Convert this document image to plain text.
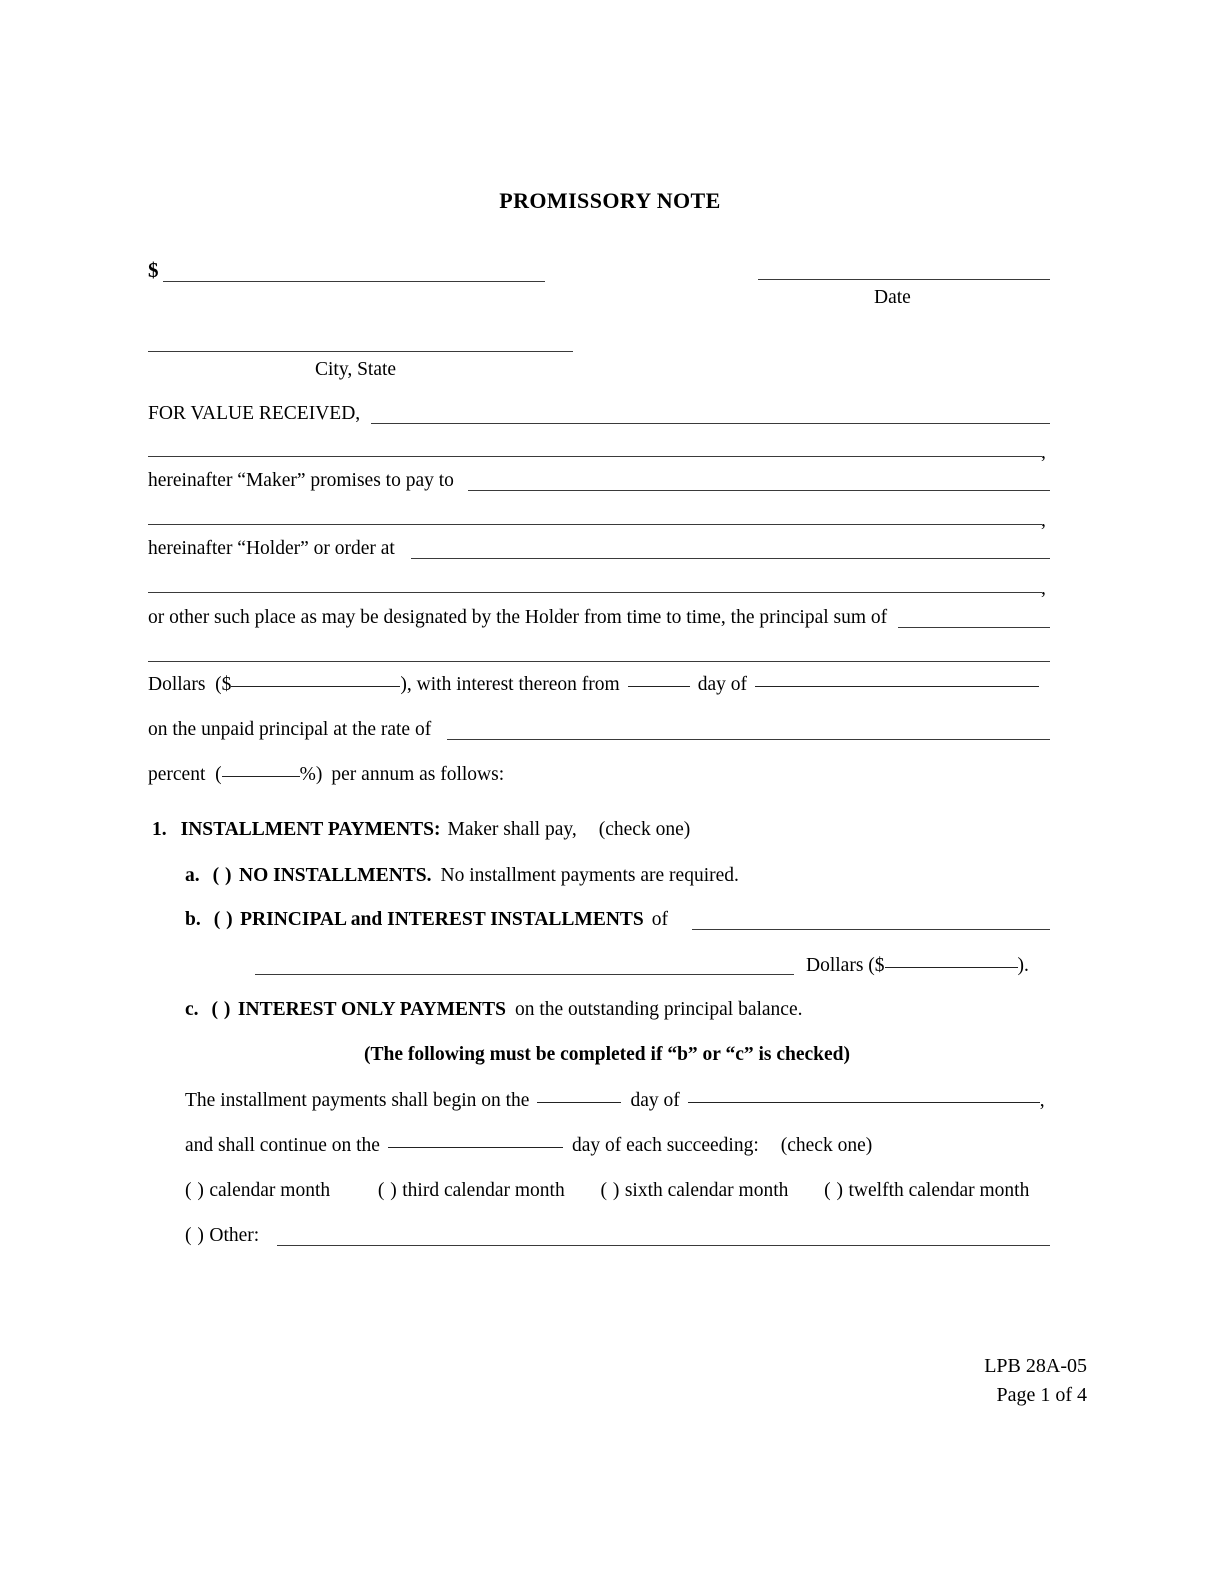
PROMISSORY NOTE
$
Date
City, State
FOR VALUE RECEIVED,
,
hereinafter “Maker” promises to pay to
,
hereinafter “Holder” or order at
,
or other such place as may be designated by the Holder from time to time, the principal sum of
Dollars ($	), with interest thereon from	day of
on the unpaid principal at the rate of
percent (	%) per annum as follows:
1. INSTALLMENT PAYMENTS: Maker shall pay, (check one)
a. ( ) NO INSTALLMENTS. No installment payments are required.
b. ( ) PRINCIPAL and INTEREST INSTALLMENTS of
Dollars ($	).
c. ( ) INTEREST ONLY PAYMENTS on the outstanding principal balance.
(The following must be completed if “b” or “c” is checked)
The installment payments shall begin on the	day of	,
and shall continue on the	day of each succeeding: (check one)
( ) calendar month ( ) third calendar month ( ) sixth calendar month ( ) twelfth calendar month
( ) Other:
LPB 28A-05
Page 1 of 4
